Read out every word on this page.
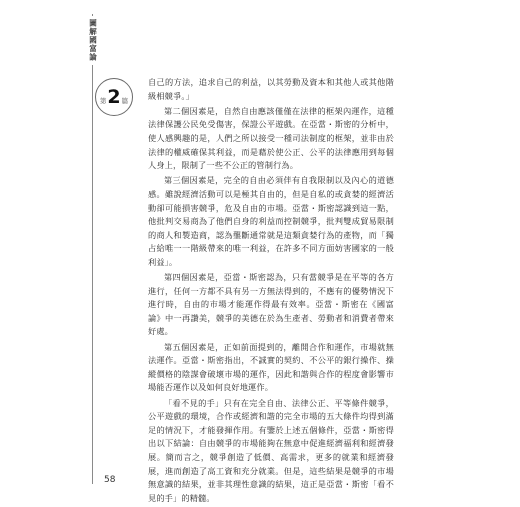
圖解國富論
第 2 篇

自己的方法，追求自己的利益，以其勞動及資本和其他人或其他階級相競爭。」

第二個因素是，自然自由應該僅僅在法律的框架內運作，這種法律保護公民免受傷害，保證公平遊戲。在亞當・斯密的分析中，使人感興趣的是，人們之所以接受一種司法制度的框架，並非由於法律的權威確保其利益，而是藉於使公正、公平的法律應用到每個人身上，限制了一些不公正的管制行為。

第三個因素是，完全的自由必須伴有自我限制以及內心的道德感。雖說經濟活動可以是極其自由的，但是自私的或貪婪的經濟活動卻可能損害競爭，危及自由的市場。亞當・斯密認識到這一點，他批判交易商為了他們自身的利益而控制競爭，批判雙成貿易限制的商人和製造商，認為壟斷通常就是這類貪婪行為的產物，而「獨占給唯一一階級帶來的唯一利益，在許多不同方面妨害國家的一般利益」。

第四個因素是，亞當・斯密認為，只有當競爭是在平等的各方進行，任何一方都不具有另一方無法得到的，不應有的優勢情況下進行時，自由的市場才能運作得最有效率。亞當・斯密在《國富論》中一再讚美，競爭的美德在於為生產者、勞動者和消費者帶來好處。

第五個因素是，正如前面提到的，離開合作和運作，市場就無法運作。亞當・斯密指出，不誠實的契約、不公平的銀行操作、操縱價格的陰謀會破壞市場的運作，因此和諧與合作的程度會影響市場能否運作以及如何良好地運作。

「看不見的手」只有在完全自由、法律公正、平等條件競爭，公平遊戲的環境，合作或經濟和諧的完全市場的五大條件均得到滿足的情況下，才能發揮作用。有鑒於上述五個條件，亞當・斯密得出以下結論：自由競爭的市場能夠在無意中促進經濟福利和經濟發展。簡而言之，競爭創造了低價、高需求，更多的就業和經濟發展，進而創造了高工資和充分就業。但是，這些結果是競爭的市場無意識的結果，並非其理性意識的結果，這正是亞當・斯密「看不見的手」的精髓。

58
